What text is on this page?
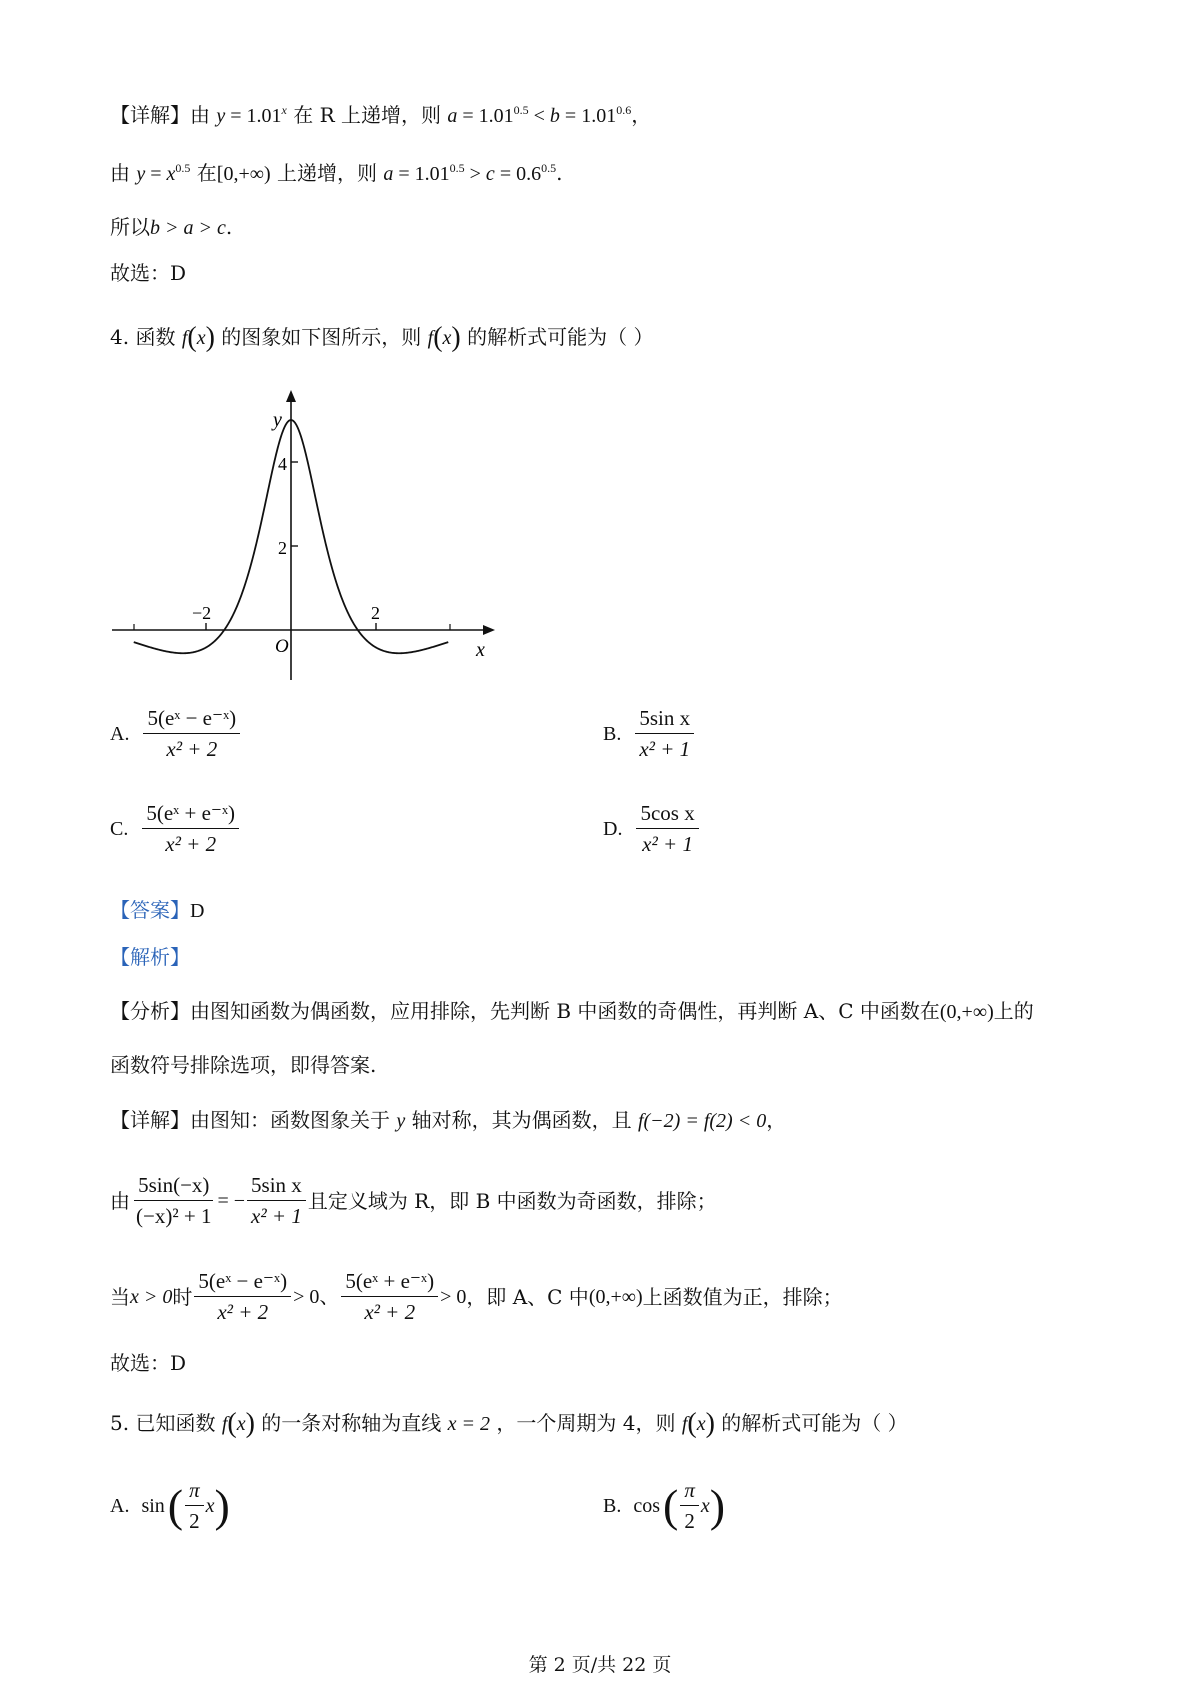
【详解】由 $y = 1.01^x$ 在 R 上递增，则 $a = 1.01^{0.5} < b = 1.01^{0.6}$，
由 $y = x^{0.5}$ 在[0,+∞) 上递增，则 $a = 1.01^{0.5} > c = 0.6^{0.5}$.
所以b > a > c.
故选：D
4. 函数 f(x) 的图象如下图所示，则 f(x) 的解析式可能为（ ）
y
x
O
4
2
−2	2
A. $\frac{\text{5(eˣ − e⁻ˣ)}}{\text{x² + 2}}$	B. $\frac{\text{5sin x}}{\text{x² + 1}}$
C. $\frac{\text{5(eˣ + e⁻ˣ)}}{\text{x² + 2}}$	D. $\frac{\text{5cos x}}{\text{x² + 1}}$
【答案】D
【解析】
【分析】由图知函数为偶函数，应用排除，先判断 B 中函数的奇偶性，再判断 A、C 中函数在(0,+∞)上的
函数符号排除选项，即得答案.
【详解】由图知：函数图象关于 y 轴对称，其为偶函数，且 f(−2) = f(2) < 0，
由 $\frac{5\sin(-x)}{\text{(−x)² + 1}}$ = − $\frac{\text{5sin x}}{\text{x² + 1}}$ 且定义域为 R，即 B 中函数为奇函数，排除；
当 x > 0 时 $\frac{\text{5(eˣ − e⁻ˣ)}}{\text{x² + 2}} > 0$、 $\frac{\text{5(eˣ + e⁻ˣ)}}{\text{x² + 2}} > 0$ ，即 A、C 中 (0,+∞) 上函数值为正，排除；
故选：D
5. 已知函数 f(x) 的一条对称轴为直线 x = 2 ，一个周期为 4，则 f(x) 的解析式可能为（ ）
A. sin ( $\frac{\pi}{2}$ x )	B. cos ( $\frac{\pi}{2}$ x )
第 2 页/共 22 页
